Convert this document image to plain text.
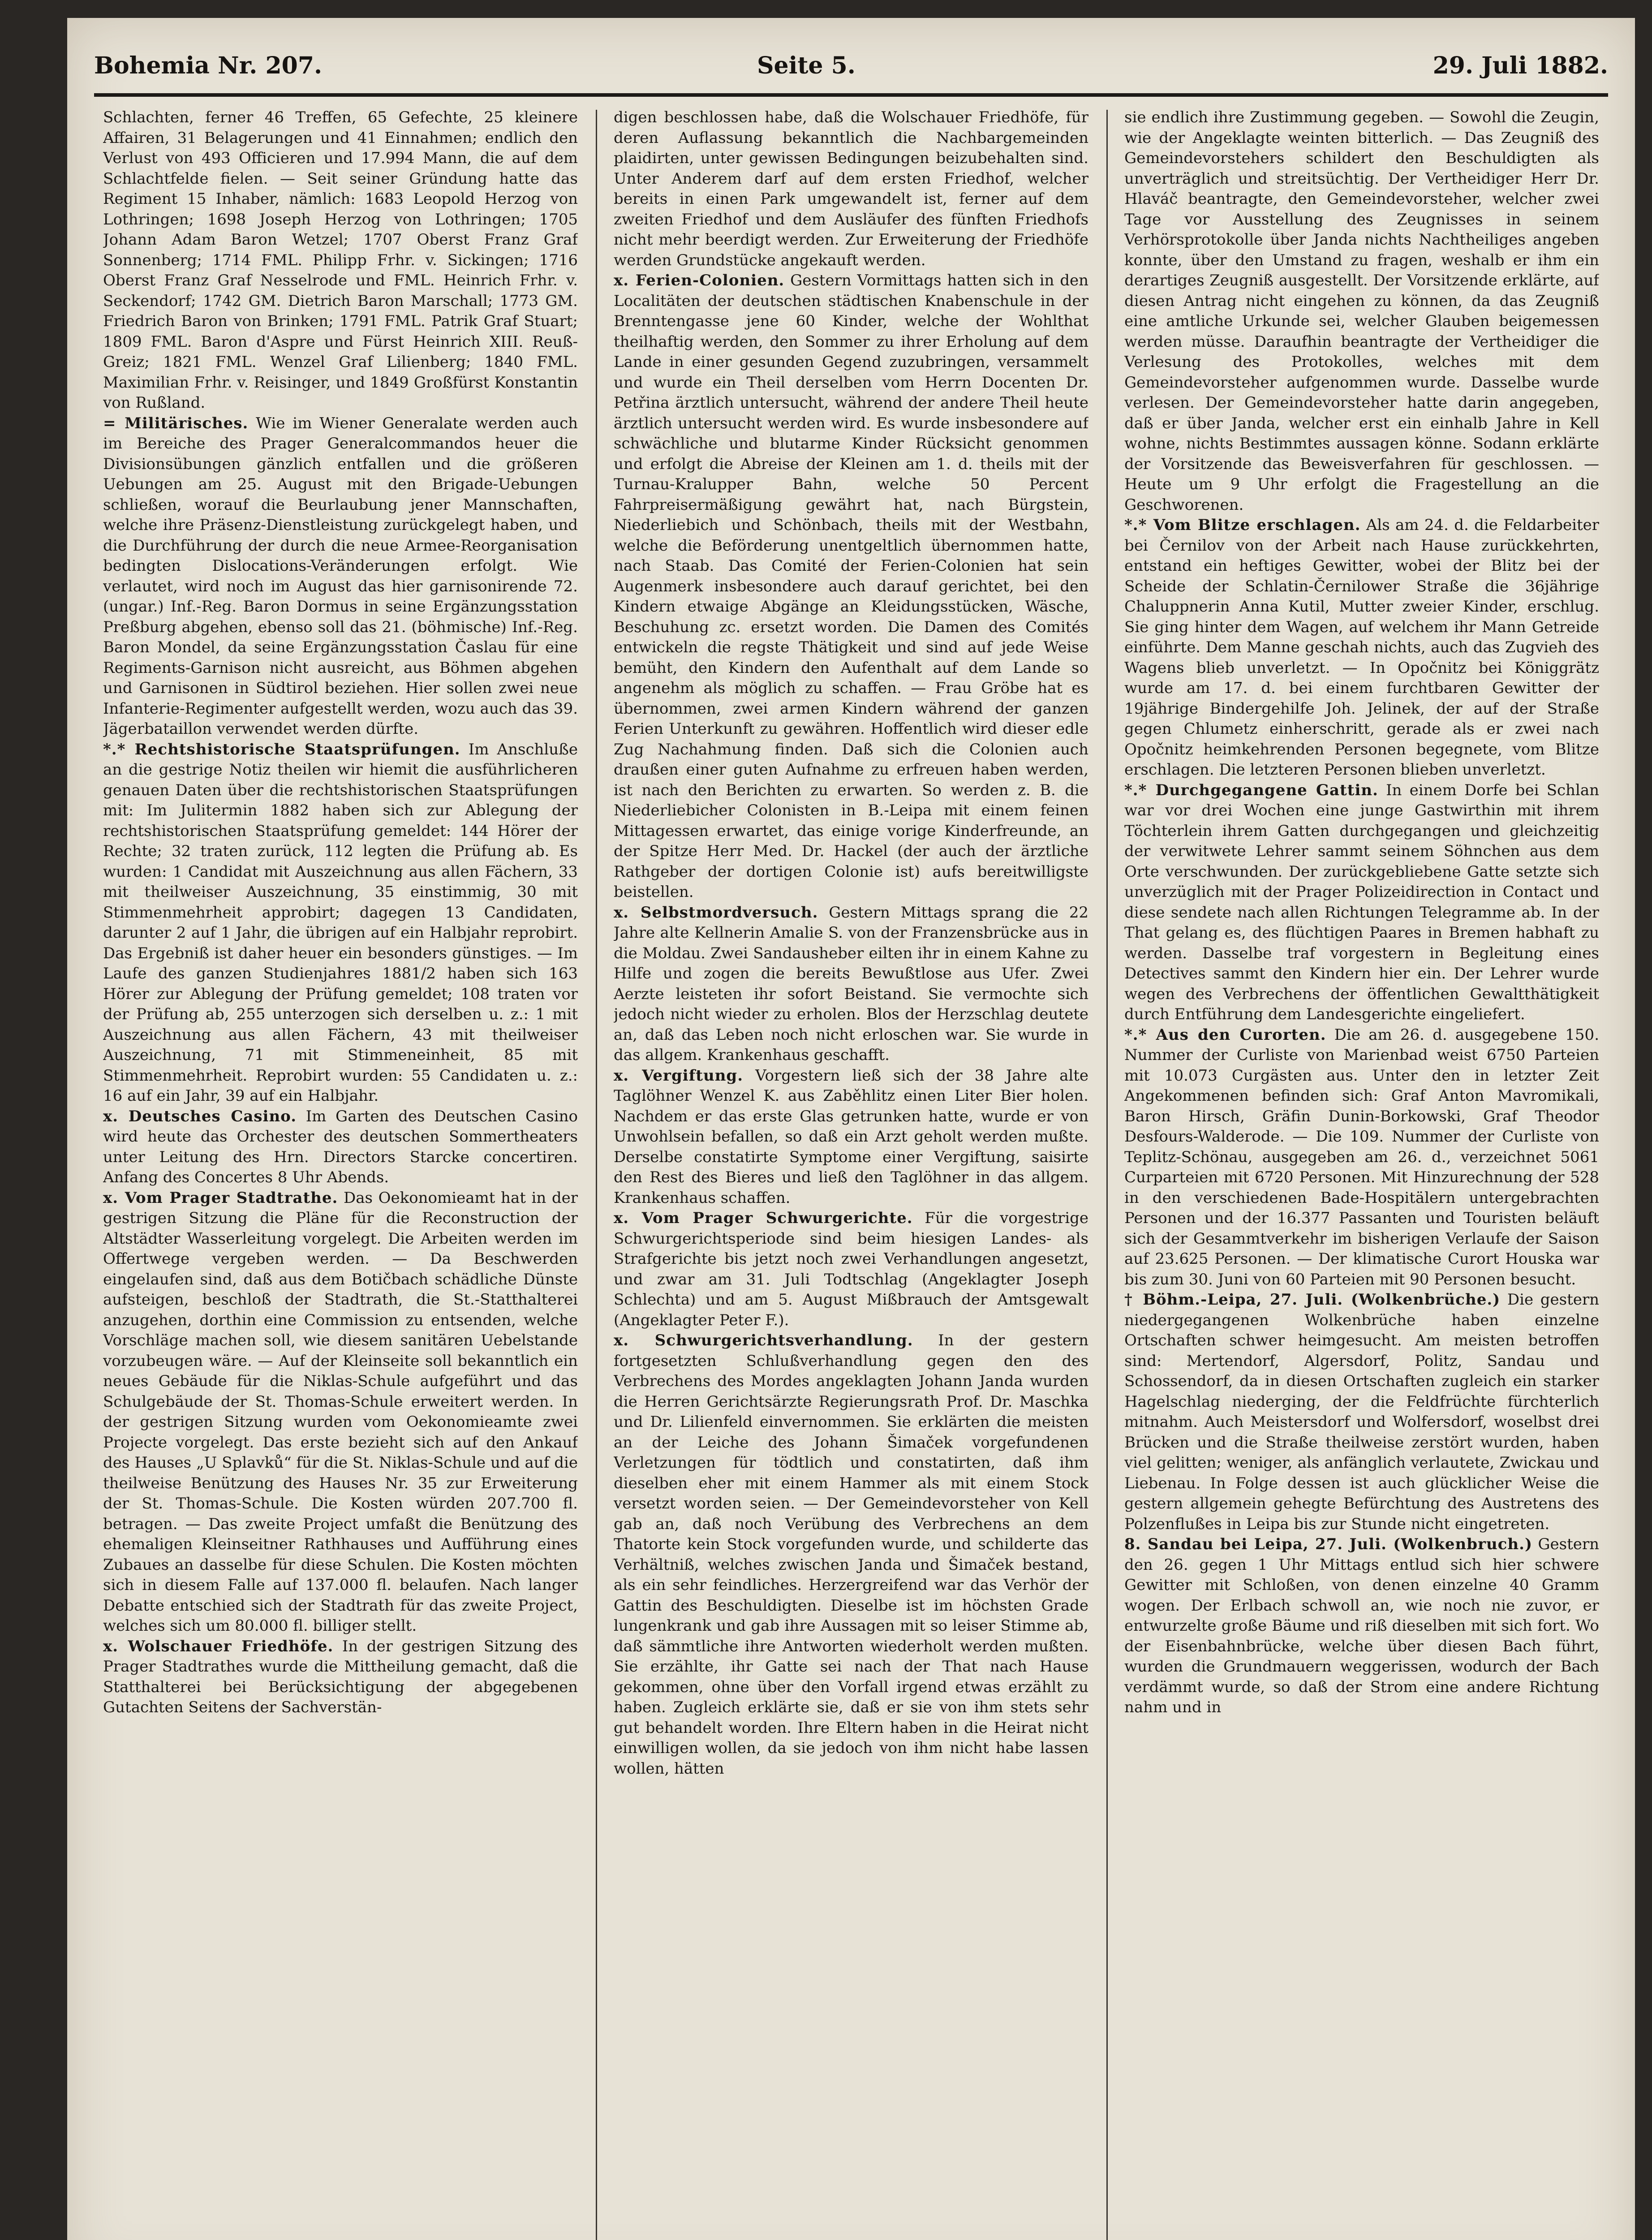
Bohemia Nr. 207.	Seite 5.	29. Juli 1882.

Schlachten, ferner 46 Treffen, 65 Gefechte, 25 kleinere Affairen, 31 Belagerungen und 41 Einnahmen; endlich den Verlust von 493 Officieren und 17.994 Mann, die auf dem Schlachtfelde fielen. — Seit seiner Gründung hatte das Regiment 15 Inhaber, nämlich: 1683 Leopold Herzog von Lothringen; 1698 Joseph Herzog von Lothringen; 1705 Johann Adam Baron Wetzel; 1707 Oberst Franz Graf Sonnenberg; 1714 FML. Philipp Frhr. v. Sickingen; 1716 Oberst Franz Graf Nesselrode und FML. Heinrich Frhr. v. Seckendorf; 1742 GM. Dietrich Baron Marschall; 1773 GM. Friedrich Baron von Brinken; 1791 FML. Patrik Graf Stuart; 1809 FML. Baron d'Aspre und Fürst Heinrich XIII. Reuß-Greiz; 1821 FML. Wenzel Graf Lilienberg; 1840 FML. Maximilian Frhr. v. Reisinger, und 1849 Großfürst Konstantin von Rußland.

= Militärisches. Wie im Wiener Generalate werden auch im Bereiche des Prager Generalcommandos heuer die Divisionsübungen gänzlich entfallen und die größeren Uebungen am 25. August mit den Brigade-Uebungen schließen, worauf die Beurlaubung jener Mannschaften, welche ihre Präsenz-Dienstleistung zurückgelegt haben, und die Durchführung der durch die neue Armee-Reorganisation bedingten Dislocations-Veränderungen erfolgt. Wie verlautet, wird noch im August das hier garnisonirende 72. (ungar.) Inf.-Reg. Baron Dormus in seine Ergänzungsstation Preßburg abgehen, ebenso soll das 21. (böhmische) Inf.-Reg. Baron Mondel, da seine Ergänzungsstation Časlau für eine Regiments-Garnison nicht ausreicht, aus Böhmen abgehen und Garnisonen in Südtirol beziehen. Hier sollen zwei neue Infanterie-Regimenter aufgestellt werden, wozu auch das 39. Jägerbataillon verwendet werden dürfte.

*.* Rechtshistorische Staatsprüfungen. Im Anschluße an die gestrige Notiz theilen wir hiemit die ausführlicheren genauen Daten über die rechtshistorischen Staatsprüfungen mit: Im Julitermin 1882 haben sich zur Ablegung der rechtshistorischen Staatsprüfung gemeldet: 144 Hörer der Rechte; 32 traten zurück, 112 legten die Prüfung ab. Es wurden: 1 Candidat mit Auszeichnung aus allen Fächern, 33 mit theilweiser Auszeichnung, 35 einstimmig, 30 mit Stimmenmehrheit approbirt; dagegen 13 Candidaten, darunter 2 auf 1 Jahr, die übrigen auf ein Halbjahr reprobirt. Das Ergebniß ist daher heuer ein besonders günstiges. — Im Laufe des ganzen Studienjahres 1881/2 haben sich 163 Hörer zur Ablegung der Prüfung gemeldet; 108 traten vor der Prüfung ab, 255 unterzogen sich derselben u. z.: 1 mit Auszeichnung aus allen Fächern, 43 mit theilweiser Auszeichnung, 71 mit Stimmeneinheit, 85 mit Stimmenmehrheit. Reprobirt wurden: 55 Candidaten u. z.: 16 auf ein Jahr, 39 auf ein Halbjahr.

x. Deutsches Casino. Im Garten des Deutschen Casino wird heute das Orchester des deutschen Sommertheaters unter Leitung des Hrn. Directors Starcke concertiren. Anfang des Concertes 8 Uhr Abends.

x. Vom Prager Stadtrathe. Das Oekonomieamt hat in der gestrigen Sitzung die Pläne für die Reconstruction der Altstädter Wasserleitung vorgelegt. Die Arbeiten werden im Offertwege vergeben werden. — Da Beschwerden eingelaufen sind, daß aus dem Botičbach schädliche Dünste aufsteigen, beschloß der Stadtrath, die St.-Statthalterei anzugehen, dorthin eine Commission zu entsenden, welche Vorschläge machen soll, wie diesem sanitären Uebelstande vorzubeugen wäre. — Auf der Kleinseite soll bekanntlich ein neues Gebäude für die Niklas-Schule aufgeführt und das Schulgebäude der St. Thomas-Schule erweitert werden. In der gestrigen Sitzung wurden vom Oekonomieamte zwei Projecte vorgelegt. Das erste bezieht sich auf den Ankauf des Hauses „U Splavků“ für die St. Niklas-Schule und auf die theilweise Benützung des Hauses Nr. 35 zur Erweiterung der St. Thomas-Schule. Die Kosten würden 207.700 fl. betragen. — Das zweite Project umfaßt die Benützung des ehemaligen Kleinseitner Rathhauses und Aufführung eines Zubaues an dasselbe für diese Schulen. Die Kosten möchten sich in diesem Falle auf 137.000 fl. belaufen. Nach langer Debatte entschied sich der Stadtrath für das zweite Project, welches sich um 80.000 fl. billiger stellt.

x. Wolschauer Friedhöfe. In der gestrigen Sitzung des Prager Stadtrathes wurde die Mittheilung gemacht, daß die Statthalterei bei Berücksichtigung der abgegebenen Gutachten Seitens der Sachverstän-

digen beschlossen habe, daß die Wolschauer Friedhöfe, für deren Auflassung bekanntlich die Nachbargemeinden plaidirten, unter gewissen Bedingungen beizubehalten sind. Unter Anderem darf auf dem ersten Friedhof, welcher bereits in einen Park umgewandelt ist, ferner auf dem zweiten Friedhof und dem Ausläufer des fünften Friedhofs nicht mehr beerdigt werden. Zur Erweiterung der Friedhöfe werden Grundstücke angekauft werden.

x. Ferien-Colonien. Gestern Vormittags hatten sich in den Localitäten der deutschen städtischen Knabenschule in der Brenntengasse jene 60 Kinder, welche der Wohlthat theilhaftig werden, den Sommer zu ihrer Erholung auf dem Lande in einer gesunden Gegend zuzubringen, versammelt und wurde ein Theil derselben vom Herrn Docenten Dr. Petřina ärztlich untersucht, während der andere Theil heute ärztlich untersucht werden wird. Es wurde insbesondere auf schwächliche und blutarme Kinder Rücksicht genommen und erfolgt die Abreise der Kleinen am 1. d. theils mit der Turnau-Kralupper Bahn, welche 50 Percent Fahrpreisermäßigung gewährt hat, nach Bürgstein, Niederliebich und Schönbach, theils mit der Westbahn, welche die Beförderung unentgeltlich übernommen hatte, nach Staab. Das Comité der Ferien-Colonien hat sein Augenmerk insbesondere auch darauf gerichtet, bei den Kindern etwaige Abgänge an Kleidungsstücken, Wäsche, Beschuhung zc. ersetzt worden. Die Damen des Comités entwickeln die regste Thätigkeit und sind auf jede Weise bemüht, den Kindern den Aufenthalt auf dem Lande so angenehm als möglich zu schaffen. — Frau Gröbe hat es übernommen, zwei armen Kindern während der ganzen Ferien Unterkunft zu gewähren. Hoffentlich wird dieser edle Zug Nachahmung finden. Daß sich die Colonien auch draußen einer guten Aufnahme zu erfreuen haben werden, ist nach den Berichten zu erwarten. So werden z. B. die Niederliebicher Colonisten in B.-Leipa mit einem feinen Mittagessen erwartet, das einige vorige Kinderfreunde, an der Spitze Herr Med. Dr. Hackel (der auch der ärztliche Rathgeber der dortigen Colonie ist) aufs bereitwilligste beistellen.

x. Selbstmordversuch. Gestern Mittags sprang die 22 Jahre alte Kellnerin Amalie S. von der Franzensbrücke aus in die Moldau. Zwei Sandausheber eilten ihr in einem Kahne zu Hilfe und zogen die bereits Bewußtlose aus Ufer. Zwei Aerzte leisteten ihr sofort Beistand. Sie vermochte sich jedoch nicht wieder zu erholen. Blos der Herzschlag deutete an, daß das Leben noch nicht erloschen war. Sie wurde in das allgem. Krankenhaus geschafft.

x. Vergiftung. Vorgestern ließ sich der 38 Jahre alte Taglöhner Wenzel K. aus Zaběhlitz einen Liter Bier holen. Nachdem er das erste Glas getrunken hatte, wurde er von Unwohlsein befallen, so daß ein Arzt geholt werden mußte. Derselbe constatirte Symptome einer Vergiftung, saisirte den Rest des Bieres und ließ den Taglöhner in das allgem. Krankenhaus schaffen.

x. Vom Prager Schwurgerichte. Für die vorgestrige Schwurgerichtsperiode sind beim hiesigen Landes- als Strafgerichte bis jetzt noch zwei Verhandlungen angesetzt, und zwar am 31. Juli Todtschlag (Angeklagter Joseph Schlechta) und am 5. August Mißbrauch der Amtsgewalt (Angeklagter Peter F.).

x. Schwurgerichtsverhandlung. In der gestern fortgesetzten Schlußverhandlung gegen den des Verbrechens des Mordes angeklagten Johann Janda wurden die Herren Gerichtsärzte Regierungsrath Prof. Dr. Maschka und Dr. Lilienfeld einvernommen. Sie erklärten die meisten an der Leiche des Johann Šimaček vorgefundenen Verletzungen für tödtlich und constatirten, daß ihm dieselben eher mit einem Hammer als mit einem Stock versetzt worden seien. — Der Gemeindevorsteher von Kell gab an, daß noch Verübung des Verbrechens an dem Thatorte kein Stock vorgefunden wurde, und schilderte das Verhältniß, welches zwischen Janda und Šimaček bestand, als ein sehr feindliches. Herzergreifend war das Verhör der Gattin des Beschuldigten. Dieselbe ist im höchsten Grade lungenkrank und gab ihre Aussagen mit so leiser Stimme ab, daß sämmtliche ihre Antworten wiederholt werden mußten. Sie erzählte, ihr Gatte sei nach der That nach Hause gekommen, ohne über den Vorfall irgend etwas erzählt zu haben. Zugleich erklärte sie, daß er sie von ihm stets sehr gut behandelt worden. Ihre Eltern haben in die Heirat nicht einwilligen wollen, da sie jedoch von ihm nicht habe lassen wollen, hätten

sie endlich ihre Zustimmung gegeben. — Sowohl die Zeugin, wie der Angeklagte weinten bitterlich. — Das Zeugniß des Gemeindevorstehers schildert den Beschuldigten als unverträglich und streitsüchtig. Der Vertheidiger Herr Dr. Hlaváč beantragte, den Gemeindevorsteher, welcher zwei Tage vor Ausstellung des Zeugnisses in seinem Verhörsprotokolle über Janda nichts Nachtheiliges angeben konnte, über den Umstand zu fragen, weshalb er ihm ein derartiges Zeugniß ausgestellt. Der Vorsitzende erklärte, auf diesen Antrag nicht eingehen zu können, da das Zeugniß eine amtliche Urkunde sei, welcher Glauben beigemessen werden müsse. Daraufhin beantragte der Vertheidiger die Verlesung des Protokolles, welches mit dem Gemeindevorsteher aufgenommen wurde. Dasselbe wurde verlesen. Der Gemeindevorsteher hatte darin angegeben, daß er über Janda, welcher erst ein einhalb Jahre in Kell wohne, nichts Bestimmtes aussagen könne. Sodann erklärte der Vorsitzende das Beweisverfahren für geschlossen. — Heute um 9 Uhr erfolgt die Fragestellung an die Geschworenen.

*.* Vom Blitze erschlagen. Als am 24. d. die Feldarbeiter bei Černilov von der Arbeit nach Hause zurückkehrten, entstand ein heftiges Gewitter, wobei der Blitz bei der Scheide der Schlatin-Černilower Straße die 36jährige Chaluppnerin Anna Kutil, Mutter zweier Kinder, erschlug. Sie ging hinter dem Wagen, auf welchem ihr Mann Getreide einführte. Dem Manne geschah nichts, auch das Zugvieh des Wagens blieb unverletzt. — In Opočnitz bei Königgrätz wurde am 17. d. bei einem furchtbaren Gewitter der 19jährige Bindergehilfe Joh. Jelinek, der auf der Straße gegen Chlumetz einherschritt, gerade als er zwei nach Opočnitz heimkehrenden Personen begegnete, vom Blitze erschlagen. Die letzteren Personen blieben unverletzt.

*.* Durchgegangene Gattin. In einem Dorfe bei Schlan war vor drei Wochen eine junge Gastwirthin mit ihrem Töchterlein ihrem Gatten durchgegangen und gleichzeitig der verwitwete Lehrer sammt seinem Söhnchen aus dem Orte verschwunden. Der zurückgebliebene Gatte setzte sich unverzüglich mit der Prager Polizeidirection in Contact und diese sendete nach allen Richtungen Telegramme ab. In der That gelang es, des flüchtigen Paares in Bremen habhaft zu werden. Dasselbe traf vorgestern in Begleitung eines Detectives sammt den Kindern hier ein. Der Lehrer wurde wegen des Verbrechens der öffentlichen Gewaltthätigkeit durch Entführung dem Landesgerichte eingeliefert.

*.* Aus den Curorten. Die am 26. d. ausgegebene 150. Nummer der Curliste von Marienbad weist 6750 Parteien mit 10.073 Curgästen aus. Unter den in letzter Zeit Angekommenen befinden sich: Graf Anton Mavromikali, Baron Hirsch, Gräfin Dunin-Borkowski, Graf Theodor Desfours-Walderode. — Die 109. Nummer der Curliste von Teplitz-Schönau, ausgegeben am 26. d., verzeichnet 5061 Curparteien mit 6720 Personen. Mit Hinzurechnung der 528 in den verschiedenen Bade-Hospitälern untergebrachten Personen und der 16.377 Passanten und Touristen beläuft sich der Gesammtverkehr im bisherigen Verlaufe der Saison auf 23.625 Personen. — Der klimatische Curort Houska war bis zum 30. Juni von 60 Parteien mit 90 Personen besucht.

† Böhm.-Leipa, 27. Juli. (Wolkenbrüche.) Die gestern niedergegangenen Wolkenbrüche haben einzelne Ortschaften schwer heimgesucht. Am meisten betroffen sind: Mertendorf, Algersdorf, Politz, Sandau und Schossendorf, da in diesen Ortschaften zugleich ein starker Hagelschlag niederging, der die Feldfrüchte fürchterlich mitnahm. Auch Meistersdorf und Wolfersdorf, woselbst drei Brücken und die Straße theilweise zerstört wurden, haben viel gelitten; weniger, als anfänglich verlautete, Zwickau und Liebenau. In Folge dessen ist auch glücklicher Weise die gestern allgemein gehegte Befürchtung des Austretens des Polzenflußes in Leipa bis zur Stunde nicht eingetreten.

8. Sandau bei Leipa, 27. Juli. (Wolkenbruch.) Gestern den 26. gegen 1 Uhr Mittags entlud sich hier schwere Gewitter mit Schloßen, von denen einzelne 40 Gramm wogen. Der Erlbach schwoll an, wie noch nie zuvor, er entwurzelte große Bäume und riß dieselben mit sich fort. Wo der Eisenbahnbrücke, welche über diesen Bach führt, wurden die Grundmauern weggerissen, wodurch der Bach verdämmt wurde, so daß der Strom eine andere Richtung nahm und in
